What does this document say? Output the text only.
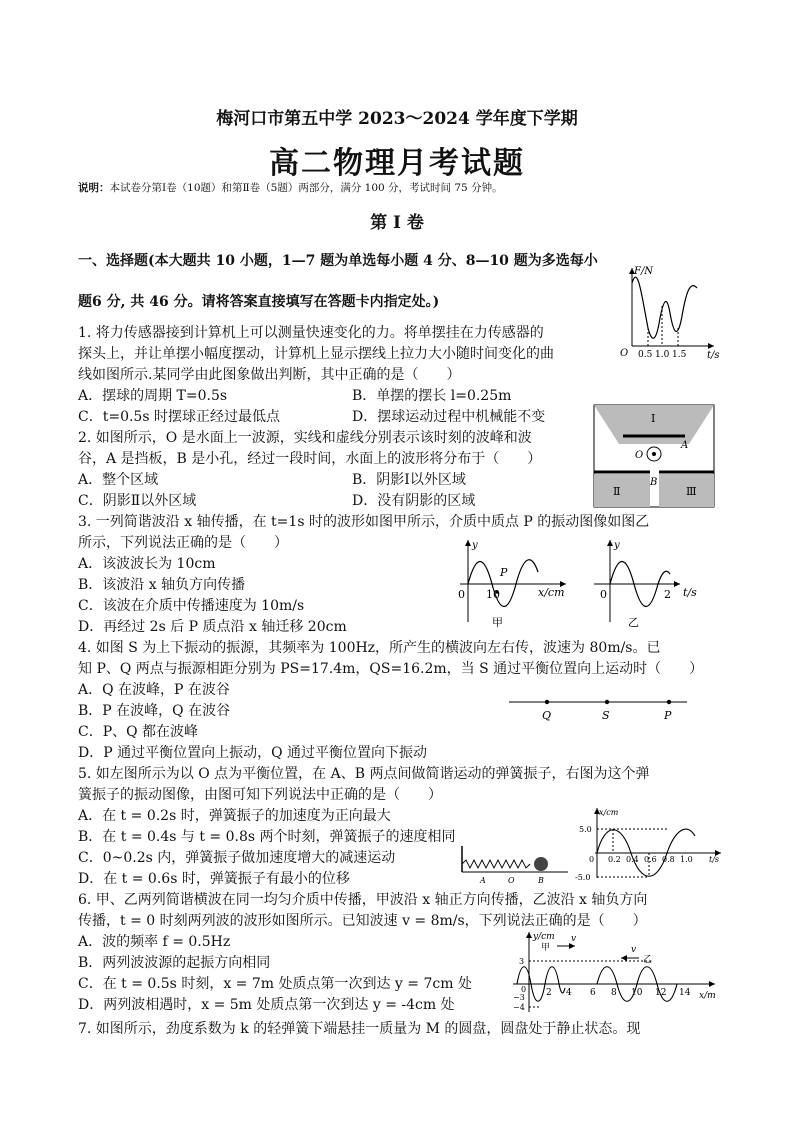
梅河口市第五中学 2023～2024 学年度下学期
高二物理月考试题
说明：本试卷分第Ⅰ卷（10题）和第Ⅱ卷（5题）两部分，满分 100 分，考试时间 75 分钟。
第 Ⅰ 卷
一、选择题(本大题共 10 小题，1—7 题为单选每小题 4 分、8—10 题为多选每小
题6 分, 共 46 分。请将答案直接填写在答题卡内指定处。)
F/N
t/s
O 0.5 1.0 1.5
1. 将力传感器接到计算机上可以测量快速变化的力。将单摆挂在力传感器的
探头上，并让单摆小幅度摆动，计算机上显示摆线上拉力大小随时间变化的曲
线如图所示.某同学由此图象做出判断，其中正确的是（　　）
A．摆球的周期 T=0.5s	B．单摆的摆长 l=0.25m
C．t=0.5s 时摆球正经过最低点	D．摆球运动过程中机械能不变	Ⅰ
Ⅱ	Ⅲ
A
B
O
2. 如图所示，O 是水面上一波源，实线和虚线分别表示该时刻的波峰和波
谷，A 是挡板，B 是小孔，经过一段时间，水面上的波形将分布于（　　）
A．整个区域	B．阴影Ⅰ以外区域
C．阴影Ⅱ以外区域	D．没有阴影的区域
3. 一列简谐波沿 x 轴传播，在 t=1s 时的波形如图甲所示，介质中质点 P 的振动图像如图乙
所示，下列说法正确的是（　　）
A．该波波长为 10cm
B．该波沿 x 轴负方向传播
C．该波在介质中传播速度为 10m/s
D．再经过 2s 后 P 质点沿 x 轴迁移 20cm
y
x/cm
0 10
P
甲
y
t/s
0	2
乙
4. 如图 S 为上下振动的振源，其频率为 100Hz，所产生的横波向左右传，波速为 80m/s。已
知 P、Q 两点与振源相距分别为 PS=17.4m，QS=16.2m，当 S 通过平衡位置向上运动时（　　）
A．Q 在波峰，P 在波谷
B．P 在波峰，Q 在波谷
C．P、Q 都在波峰
D．P 通过平衡位置向上振动，Q 通过平衡位置向下振动
Q	S	P
5. 如左图所示为以 O 点为平衡位置，在 A、B 两点间做简谐运动的弹簧振子，右图为这个弹
簧振子的振动图像，由图可知下列说法中正确的是（　　）
A．在 t = 0.2s 时，弹簧振子的加速度为正向最大
B．在 t = 0.4s 与 t = 0.8s 两个时刻，弹簧振子的速度相同
C．0~0.2s 内，弹簧振子做加速度增大的减速运动
D．在 t = 0.6s 时，弹簧振子有最小的位移	A	O	B
x/cm
t/s
5.0
-5.0
0 0.2 0.4 0.6 0.8 1.0
6. 甲、乙两列简谐横波在同一均匀介质中传播，甲波沿 x 轴正方向传播，乙波沿 x 轴负方向
传播，t = 0 时刻两列波的波形如图所示。已知波速 v = 8m/s，下列说法正确的是（　　）
A．波的频率 f = 0.5Hz
B．两列波波源的起振方向相同
C．在 t = 0.5s 时刻，x = 7m 处质点第一次到达 y = 7cm 处
D．两列波相遇时，x = 5m 处质点第一次到达 y = -4cm 处
y/cm
x/m
甲
v
乙
v
3
−3
−4
0 2 4 6 8 10 12 14
7. 如图所示，劲度系数为 k 的轻弹簧下端悬挂一质量为 M 的圆盘，圆盘处于静止状态。现
